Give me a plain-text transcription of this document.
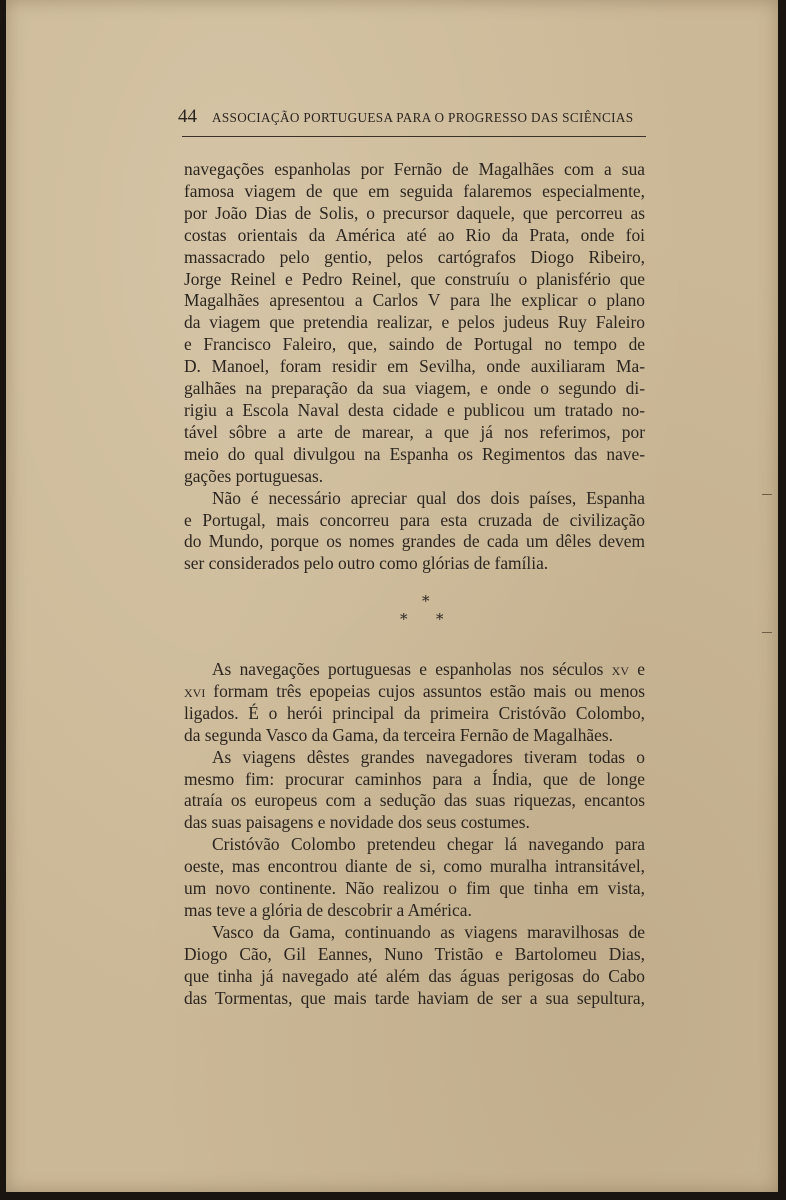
44 ASSOCIAÇÃO PORTUGUESA PARA O PROGRESSO DAS SCIÊNCIAS

navegações espanholas por Fernão de Magalhães com a sua

famosa viagem de que em seguida falaremos especialmente,

por João Dias de Solis, o precursor daquele, que percorreu as

costas orientais da América até ao Rio da Prata, onde foi

massacrado pelo gentio, pelos cartógrafos Diogo Ribeiro,

Jorge Reinel e Pedro Reinel, que construíu o planisfério que

Magalhães apresentou a Carlos V para lhe explicar o plano

da viagem que pretendia realizar, e pelos judeus Ruy Faleiro

e Francisco Faleiro, que, saindo de Portugal no tempo de

D. Manoel, foram residir em Sevilha, onde auxiliaram Ma-

galhães na preparação da sua viagem, e onde o segundo di-

rigiu a Escola Naval desta cidade e publicou um tratado no-

tável sôbre a arte de marear, a que já nos referimos, por

meio do qual divulgou na Espanha os Regimentos das nave-

gações portuguesas.

Não é necessário apreciar qual dos dois países, Espanha

e Portugal, mais concorreu para esta cruzada de civilização

do Mundo, porque os nomes grandes de cada um dêles devem

ser considerados pelo outro como glórias de família.

*
* *

As navegações portuguesas e espanholas nos séculos xv e

xvi formam três epopeias cujos assuntos estão mais ou menos

ligados. É o herói principal da primeira Cristóvão Colombo,

da segunda Vasco da Gama, da terceira Fernão de Magalhães.

As viagens dêstes grandes navegadores tiveram todas o

mesmo fim: procurar caminhos para a Índia, que de longe

atraía os europeus com a sedução das suas riquezas, encantos

das suas paisagens e novidade dos seus costumes.

Cristóvão Colombo pretendeu chegar lá navegando para

oeste, mas encontrou diante de si, como muralha intransitável,

um novo continente. Não realizou o fim que tinha em vista,

mas teve a glória de descobrir a América.

Vasco da Gama, continuando as viagens maravilhosas de

Diogo Cão, Gil Eannes, Nuno Tristão e Bartolomeu Dias,

que tinha já navegado até além das águas perigosas do Cabo

das Tormentas, que mais tarde haviam de ser a sua sepultura,
